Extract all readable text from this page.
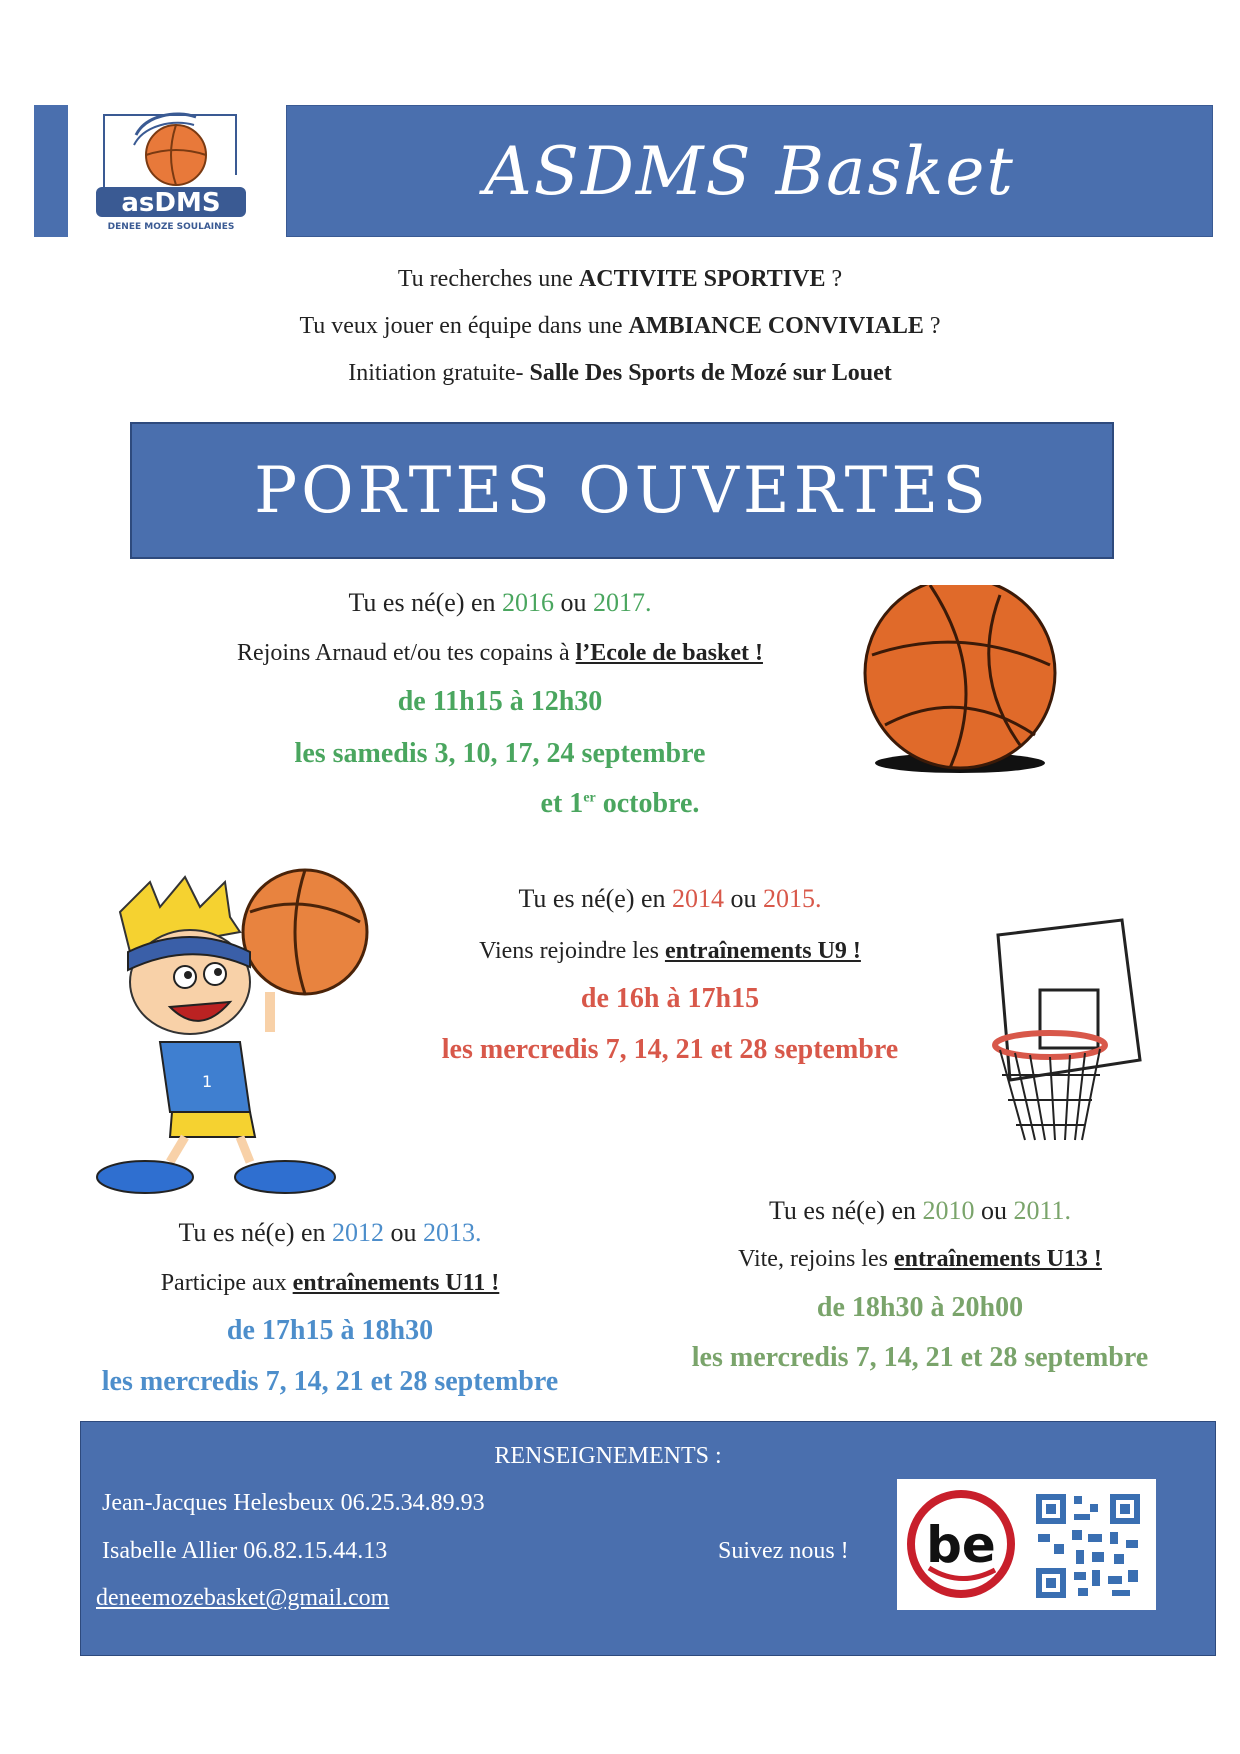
asDMS
DENEE MOZE SOULAINES
ASDMS Basket
Tu recherches une ACTIVITE SPORTIVE ?
Tu veux jouer en équipe dans une AMBIANCE CONVIVIALE ?
Initiation gratuite- Salle Des Sports de Mozé sur Louet
PORTES OUVERTES
Tu es né(e) en 2016 ou 2017.
Rejoins Arnaud et/ou tes copains à l’Ecole de basket !
de 11h15 à 12h30
les samedis 3, 10, 17, 24 septembre
et 1er octobre.
1
Tu es né(e) en 2014 ou 2015.
Viens rejoindre les entraînements U9 !
de 16h à 17h15
les mercredis 7, 14, 21 et 28 septembre
Tu es né(e) en 2012 ou 2013.
Participe aux entraînements U11 !
de 17h15 à 18h30
les mercredis 7, 14, 21 et 28 septembre
Tu es né(e) en 2010 ou 2011.
Vite, rejoins les entraînements U13 !
de 18h30 à 20h00
les mercredis 7, 14, 21 et 28 septembre
RENSEIGNEMENTS :
Jean-Jacques Helesbeux 06.25.34.89.93
Isabelle Allier 06.82.15.44.13
deneemozebasket@gmail.com
Suivez nous ! be
